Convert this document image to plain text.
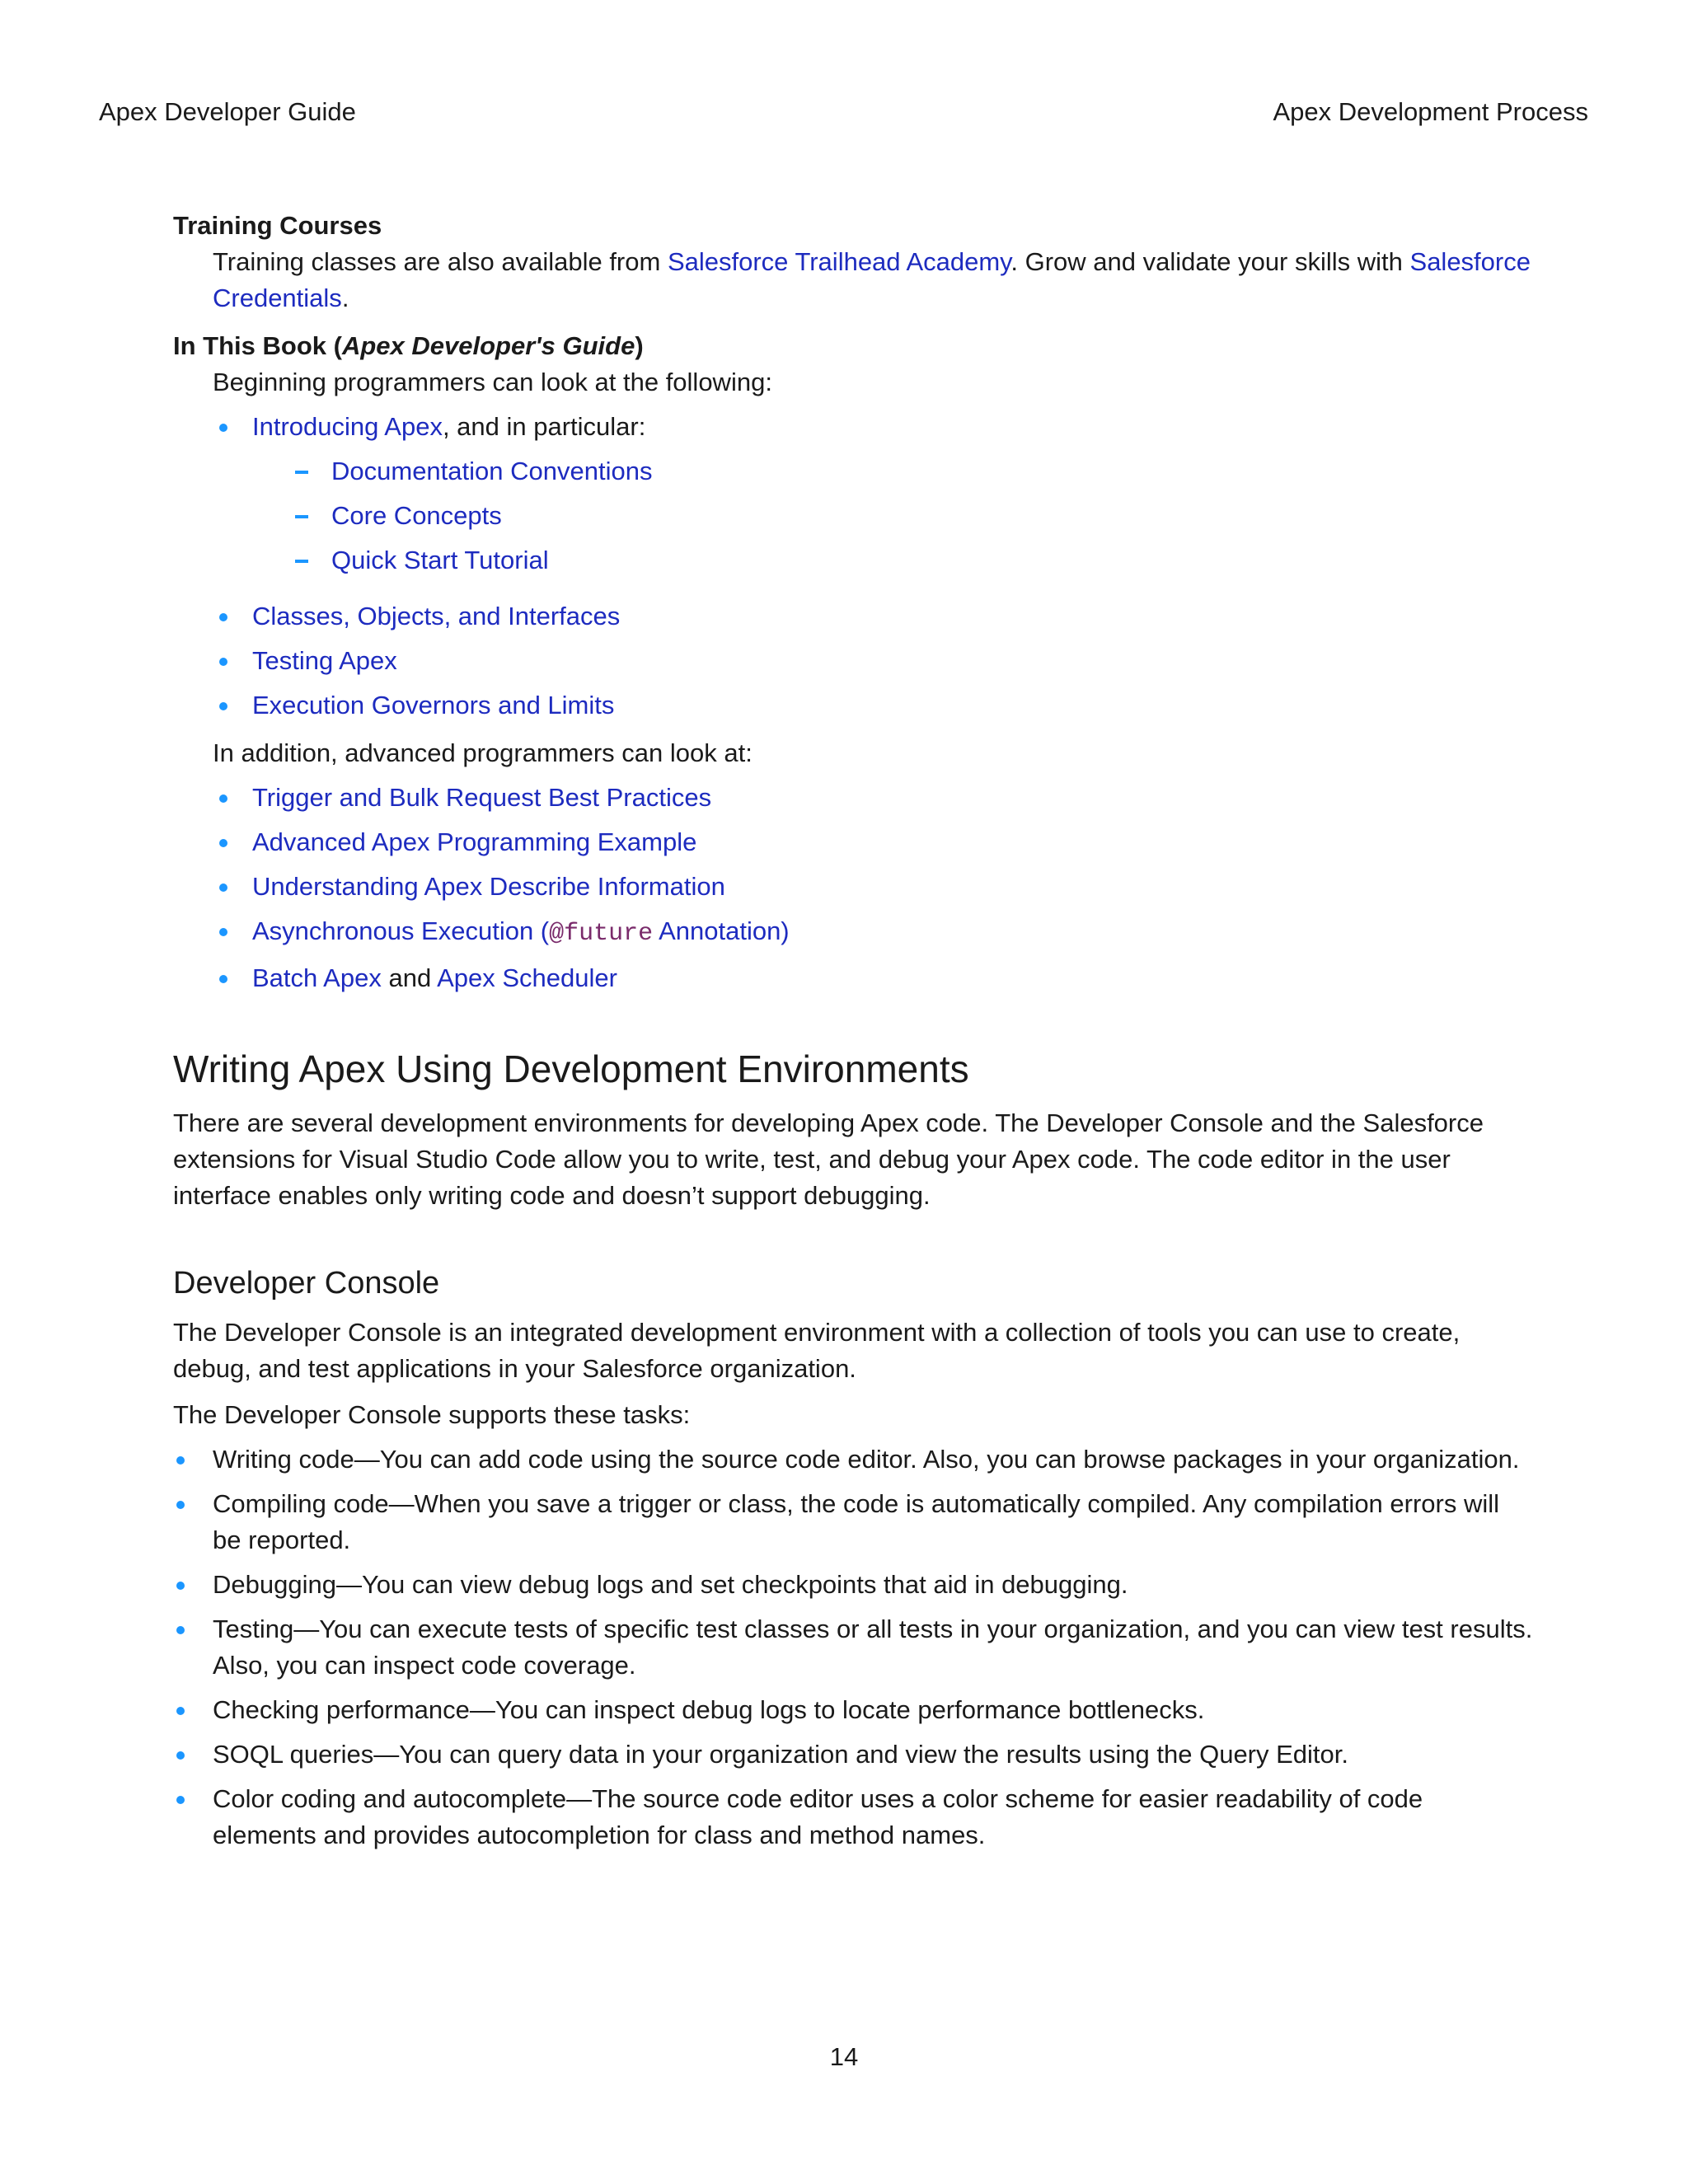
Apex Developer Guide	Apex Development Process
Training Courses

Training classes are also available from Salesforce Trailhead Academy. Grow and validate your skills with Salesforce Credentials.

In This Book (Apex Developer's Guide)

Beginning programmers can look at the following:

Introducing Apex, and in particular:
Documentation Conventions
Core Concepts
Quick Start Tutorial
Classes, Objects, and Interfaces
Testing Apex
Execution Governors and Limits

In addition, advanced programmers can look at:

Trigger and Bulk Request Best Practices
Advanced Apex Programming Example
Understanding Apex Describe Information
Asynchronous Execution (@future Annotation)
Batch Apex and Apex Scheduler
Writing Apex Using Development Environments

There are several development environments for developing Apex code. The Developer Console and the Salesforce extensions for Visual Studio Code allow you to write, test, and debug your Apex code. The code editor in the user interface enables only writing code and doesn’t support debugging.

Developer Console

The Developer Console is an integrated development environment with a collection of tools you can use to create, debug, and test applications in your Salesforce organization.

The Developer Console supports these tasks:

Writing code—You can add code using the source code editor. Also, you can browse packages in your organization.
Compiling code—When you save a trigger or class, the code is automatically compiled. Any compilation errors will be reported.
Debugging—You can view debug logs and set checkpoints that aid in debugging.
Testing—You can execute tests of specific test classes or all tests in your organization, and you can view test results. Also, you can inspect code coverage.
Checking performance—You can inspect debug logs to locate performance bottlenecks.
SOQL queries—You can query data in your organization and view the results using the Query Editor.
Color coding and autocomplete—The source code editor uses a color scheme for easier readability of code elements and provides autocompletion for class and method names.
14
